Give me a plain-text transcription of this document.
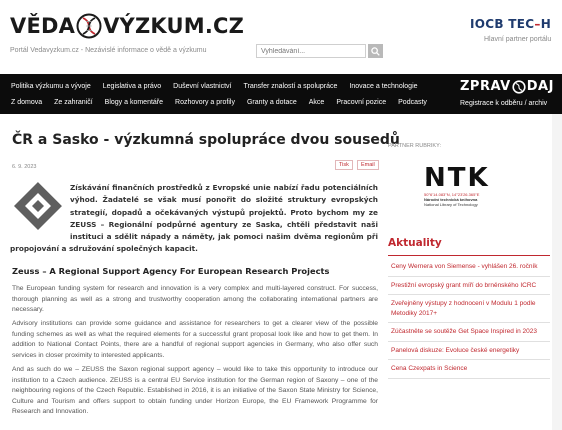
VĚDA VÝZKUM.CZ
Portál Vedavyzkum.cz - Nezávislé informace o vědě a výzkumu
Vyhledávání...
IOCB TEC–H
Hlavní partner portálu
Politika výzkumu a vývoje	Legislativa a právo	Duševní vlastnictví	Transfer znalostí a spolupráce	Inovace a technologie
Z domova	Ze zahraničí	Blogy a komentáře	Rozhovory a profily	Granty a dotace	Akce	Pracovní pozice	Podcasty
ZPRAV DAJ
Registrace k odběru / archiv
ČR a Sasko - výzkumná spolupráce dvou sousedů
6. 9. 2023	Tisk	Email
Získávání finančních prostředků z Evropské unie nabízí řadu potenciálních výhod. Žadatelé se však musí ponořit do složité struktury evropských strategií, dopadů a očekávaných výstupů projektů. Proto bychom my ze ZEUSS – Regionální podpůrné agentury ze Saska, chtěli představit naši instituci a sdělit nápady a náměty, jak pomoci našim dvěma regionům při propojování a sdružování společných kapacit.
Zeuss – A Regional Support Agency For European Research Projects

The European funding system for research and innovation is a very complex and multi-layered construct. For success, thorough planning as well as a strong and trustworthy cooperation among the collaborating international partners are necessary.

Advisory institutions can provide some guidance and assistance for researchers to get a clearer view of the possible funding schemes as well as what the required elements for a successful grant proposal look like and how to get them. In addition to National Contact Points, there are a handful of regional support agencies in Germany, who also offer such services in closer proximity to interested applicants.

And as such do we – ZEUSS the Saxon regional support agency – would like to take this opportunity to introduce our institution to a Czech audience. ZEUSS is a central EU Service institution for the German region of Saxony – one of the neighbouring regions of the Czech Republic. Established in 2016, it is an initiative of the Saxon State Ministry for Science, Culture and Tourism and offers support to obtain funding under Horizon Europe, the EU Framework Programme for Research and Innovation.

PARTNER RUBRIKY:
NTK
50°6'14.083"N, 14°23'26.365"E
Národní technická knihovna
National Library of Technology
Aktuality
Ceny Wernera von Siemense - vyhlášen 26. ročník
Prestižní evropský grant míří do brněnského ICRC
Zveřejněny výstupy z hodnocení v Modulu 1 podle Metodiky 2017+
Zúčastněte se soutěže Get Space Inspired in 2023
Panelová diskuze: Evoluce české energetiky
Cena Czexpats in Science
